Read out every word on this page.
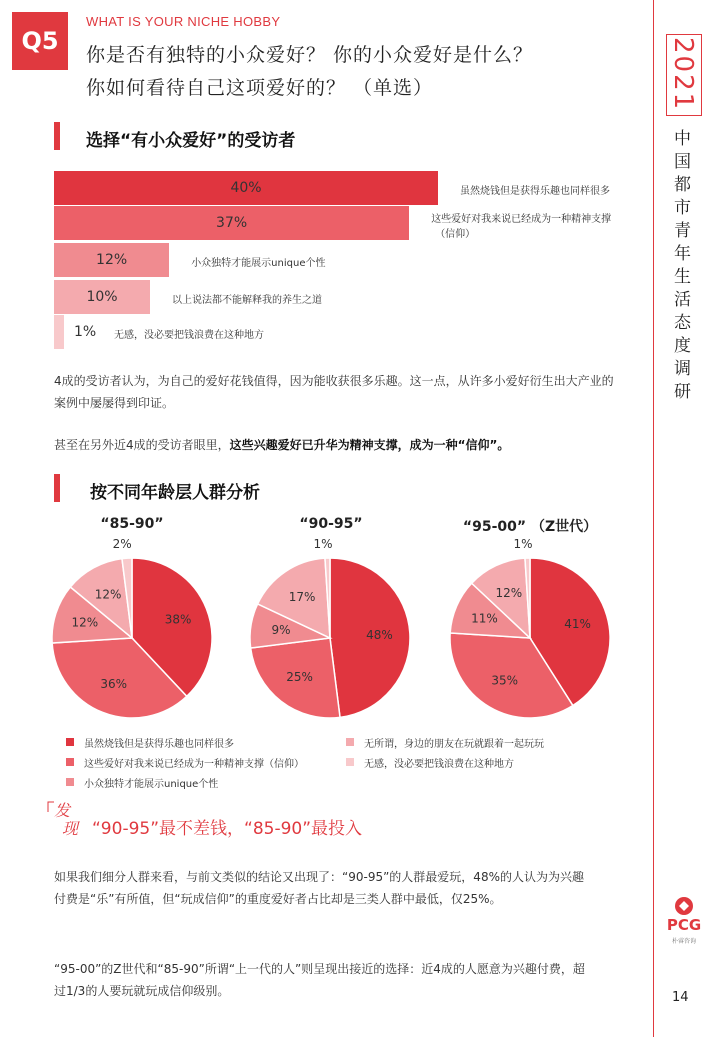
Q5
WHAT IS YOUR NICHE HOBBY
你是否有独特的小众爱好？ 你的小众爱好是什么？
你如何看待自己这项爱好的？ （单选）	2021
中国都市青年生活态度调研
PCG
朴睿咨询
14
选择“有小众爱好”的受访者
40%	虽然烧钱但是获得乐趣也同样很多
37%	这些爱好对我来说已经成为一种精神支撑
（信仰）
12%	小众独特才能展示unique个性
10%	以上说法都不能解释我的养生之道
1% 无感，没必要把钱浪费在这种地方
4成的受访者认为，为自己的爱好花钱值得，因为能收获很多乐趣。这一点，从许多小爱好衍生出大产业的案例中屡屡得到印证。
甚至在另外近4成的受访者眼里，这些兴趣爱好已升华为精神支撑，成为一种“信仰”。
按不同年龄层人群分析
“85-90”	“90-95”	“95-00” （Z世代）
38%
36%
12%
12%
2%
48%
25%
9%
17%
1%
41%
35%
11%
12%
1%
虽然烧钱但是获得乐趣也同样很多
这些爱好对我来说已经成为一种精神支撑（信仰）
小众独特才能展示unique个性
无所谓，身边的朋友在玩就跟着一起玩玩
无感，没必要把钱浪费在这种地方
发
现 “90-95”最不差钱，“85-90”最投入
如果我们细分人群来看，与前文类似的结论又出现了：“90-95”的人群最爱玩，48%的人认为为兴趣付费是“乐”有所值，但“玩成信仰”的重度爱好者占比却是三类人群中最低，仅25%。
“95-00”的Z世代和“85-90”所谓“上一代的人”则呈现出接近的选择：近4成的人愿意为兴趣付费，超过1/3的人要玩就玩成信仰级别。
